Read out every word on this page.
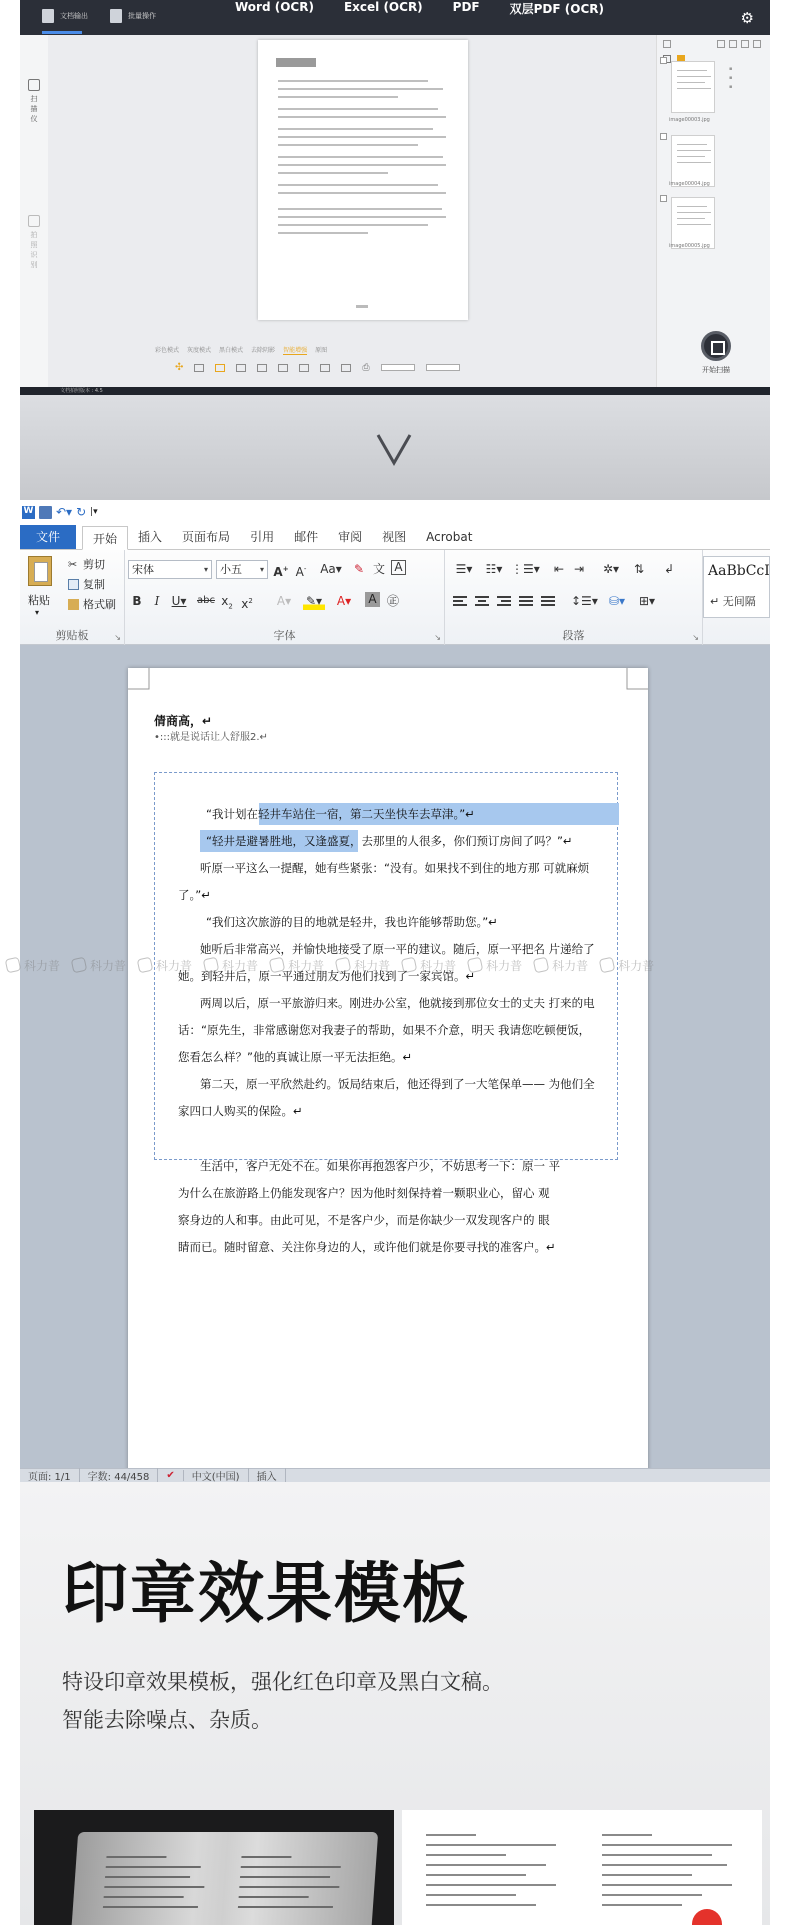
文档输出	批量操作
Word (OCR)	Excel (OCR)	PDF	双层PDF (OCR)	⚙
扫描仪
拍照识别
image00003.jpg
▪
▪
▪
image00004.jpg
image00005.jpg
开始扫描
彩色模式 灰度模式 黑白模式 去除阴影 智能增强 原图
✣	⎙
文档拍照版本 : 4.5
W ↶▾ ↻ |▾
文件	开始	插入	页面布局	引用	邮件	审阅	视图	Acrobat
粘贴
▾
✂ 剪切
复制
格式刷
剪贴板	↘
宋体	▾	小五 ▾ A+ A- Aa▾ ✎ 文 A
B	I	U▾ abc $x_2$ $x^2$	A▾	✎▾	A▾	A ㊣
字体	↘
☰▾	☷▾ ⋮☰▾ ⇤ ⇥	✲▾	⇅ ↲
↕☰▾ ⛁▾	⊞▾
段落	↘
AaBbCcI
↵ 无间隔
倩商高，↵
•:::就是说话让人舒服2.↵
“我计划在轻井车站住一宿，第二天坐快车去草津。”↵
“轻井是避暑胜地，又逢盛夏，去那里的人很多，你们预订房间了吗？”↵
听原一平这么一提醒，她有些紧张：“没有。如果找不到住的地方那 可就麻烦
了。”↵
“我们这次旅游的目的地就是轻井，我也许能够帮助您。”↵
她听后非常高兴，并愉快地接受了原一平的建议。随后，原一平把名 片递给了
她。到轻井后，原一平通过朋友为他们找到了一家宾馆。↵
两周以后，原一平旅游归来。刚进办公室，他就接到那位女士的丈夫 打来的电
话：“原先生，非常感谢您对我妻子的帮助，如果不介意，明天 我请您吃顿便饭，
您看怎么样？”他的真诚让原一平无法拒绝。↵
第二天，原一平欣然赴约。饭局结束后，他还得到了一大笔保单—— 为他们全
家四口人购买的保险。↵
生活中，客户无处不在。如果你再抱怨客户少，不妨思考一下：原一 平
为什么在旅游路上仍能发现客户？因为他时刻保持着一颗职业心，留心 观
察身边的人和事。由此可见，不是客户少，而是你缺少一双发现客户的 眼
睛而已。随时留意、关注你身边的人，或许他们就是你要寻找的准客户。↵
页面: 1/1	字数: 44/458	✔	中文(中国)	插入
科力普	科力普	科力普	科力普	科力普	科力普	科力普	科力普	科力普	科力普
印章效果模板
特设印章效果模板，强化红色印章及黑白文稿。
智能去除噪点、杂质。
